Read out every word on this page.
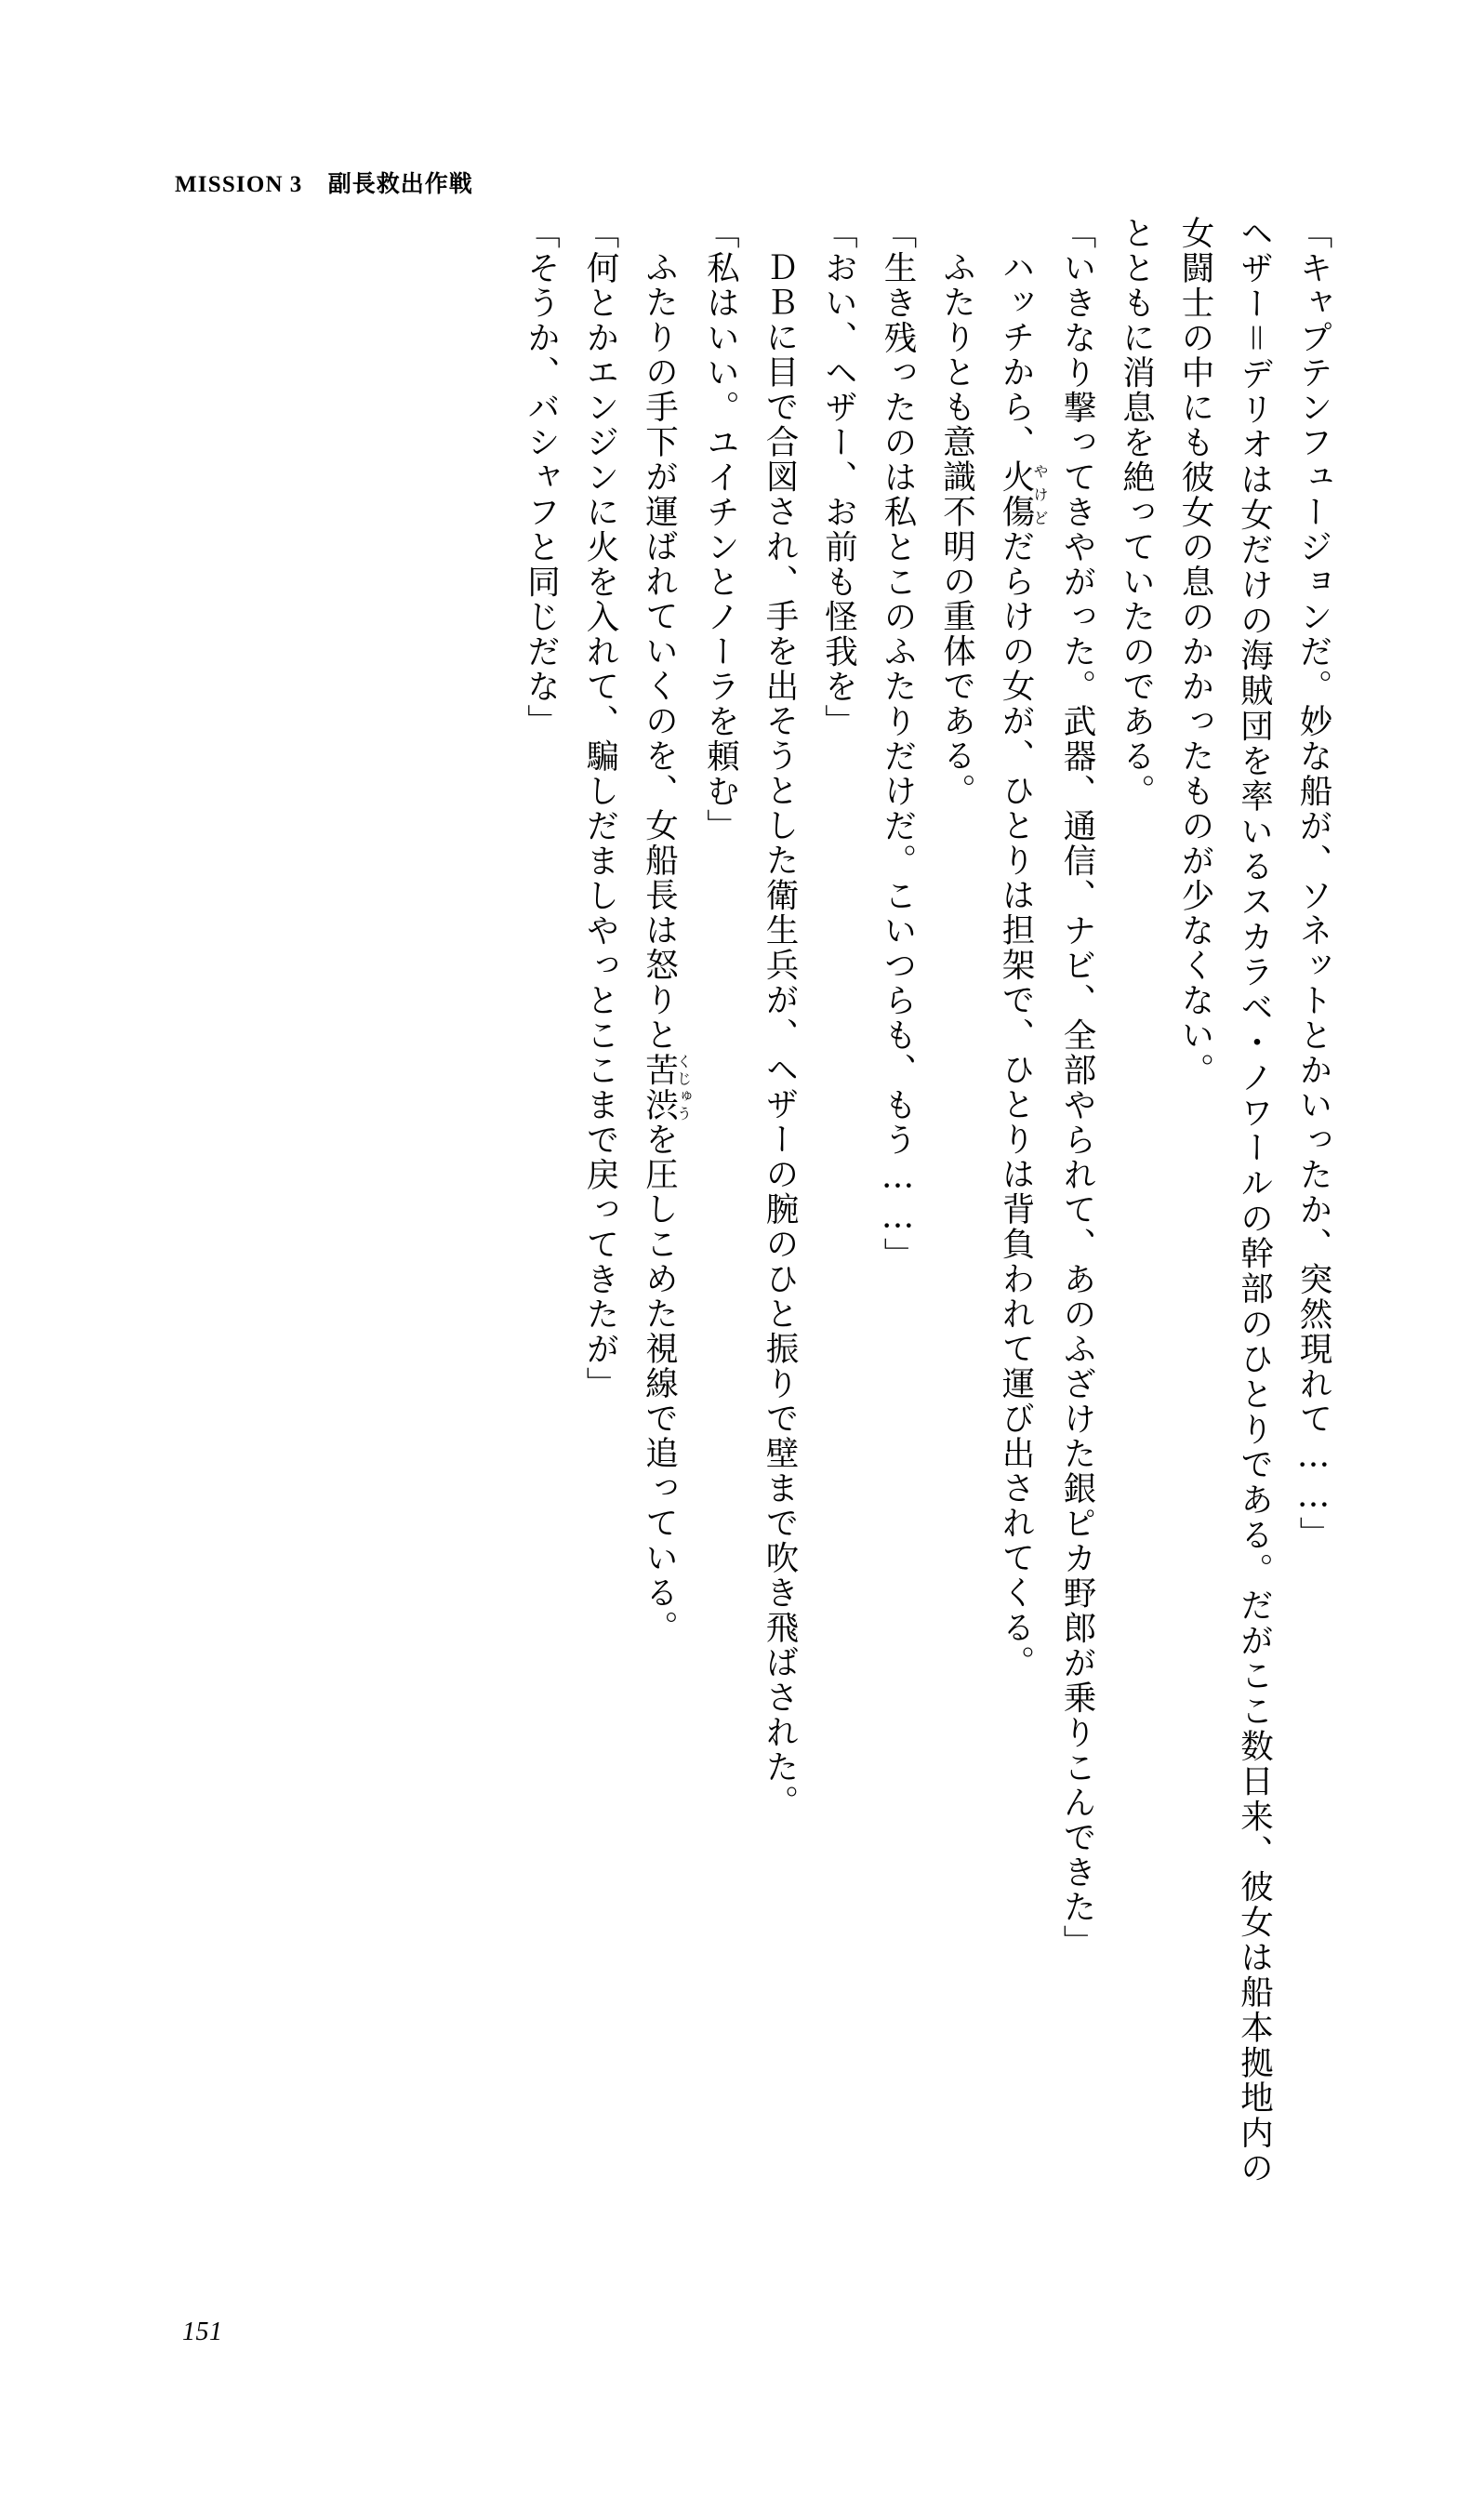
MISSION 3 副長救出作戦

「キャプテンフュージョンだ。妙な船が、ソネットとかいったか、突然現れて……」

ヘザー＝デリオは女だけの海賊団を率いるスカラベ・ノワールの幹部のひとりである。だがここ数日来、彼女は船本拠地内の女闘士の中にも彼女の息のかかったものが少なくない。

とともに消息を絶っていたのである。

「いきなり撃ってきやがった。武器、通信、ナビ、全部やられて、あのふざけた銀ピカ野郎が乗りこんできた」

ハッチから、火傷やけどだらけの女が、ひとりは担架で、ひとりは背負われて運び出されてくる。

ふたりとも意識不明の重体である。

「生き残ったのは私とこのふたりだけだ。こいつらも、もう……」

「おい、ヘザー、お前も怪我を」

ＤＢに目で合図され、手を出そうとした衛生兵が、ヘザーの腕のひと振りで壁まで吹き飛ばされた。

「私はいい。ユイチンとノーラを頼む」

ふたりの手下が運ばれていくのを、女船長は怒りと苦渋くじゅうを圧しこめた視線で追っている。

「何とかエンジンに火を入れて、騙しだましやっとここまで戻ってきたが」

「そうか、バシャフと同じだな」

151
